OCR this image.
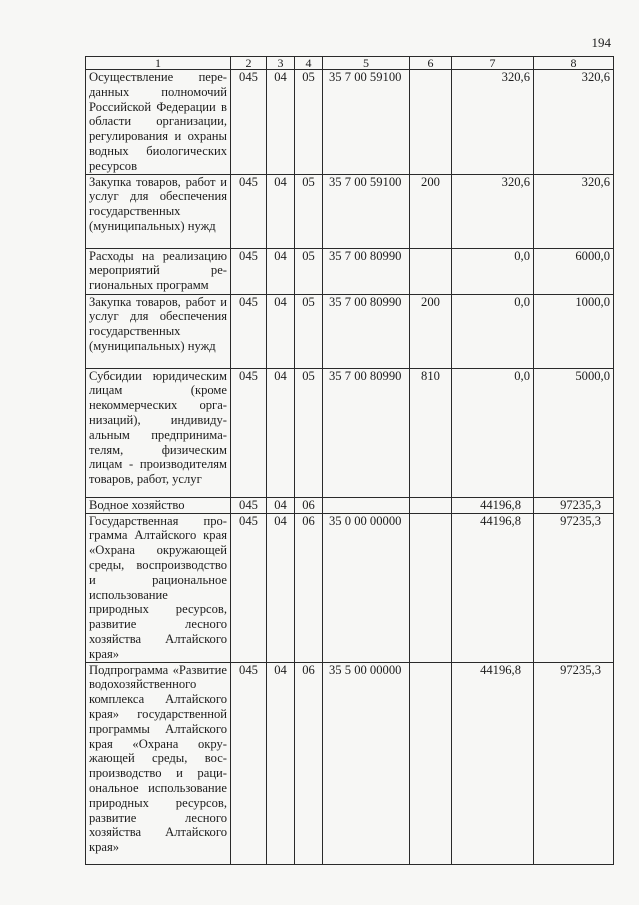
194
1	2	3	4	5	6	7	8
Осуществление переданных полномочий Российской Федерации в области организации, регулирования и охраны водных биологических ресурсов	045	04	05	35 7 00 59100		320,6	320,6
Закупка товаров, работ и услуг для обеспечения государственных (муниципальных) нужд	045	04	05	35 7 00 59100	200	320,6	320,6
Расходы на реализацию мероприятий региональных программ	045	04	05	35 7 00 80990		0,0	6000,0
Закупка товаров, работ и услуг для обеспечения государственных (муниципальных) нужд	045	04	05	35 7 00 80990	200	0,0	1000,0
Субсидии юридическим лицам (кроме некоммерческих организаций), индивидуальным предпринимателям, физическим лицам - производителям товаров, работ, услуг	045	04	05	35 7 00 80990	810	0,0	5000,0
Водное хозяйство	045	04	06			44196,8	97235,3
Государственная программа Алтайского края «Охрана окружающей среды, воспроизводство и рациональное использование природных ресурсов, развитие лесного хозяйства Алтайского края»	045	04	06	35 0 00 00000		44196,8	97235,3
Подпрограмма «Развитие водохозяйственного комплекса Алтайского края» государственной программы Алтайского края «Охрана окружающей среды, воспроизводство и рациональное использование природных ресурсов, развитие лесного хозяйства Алтайского края»	045	04	06	35 5 00 00000		44196,8	97235,3
